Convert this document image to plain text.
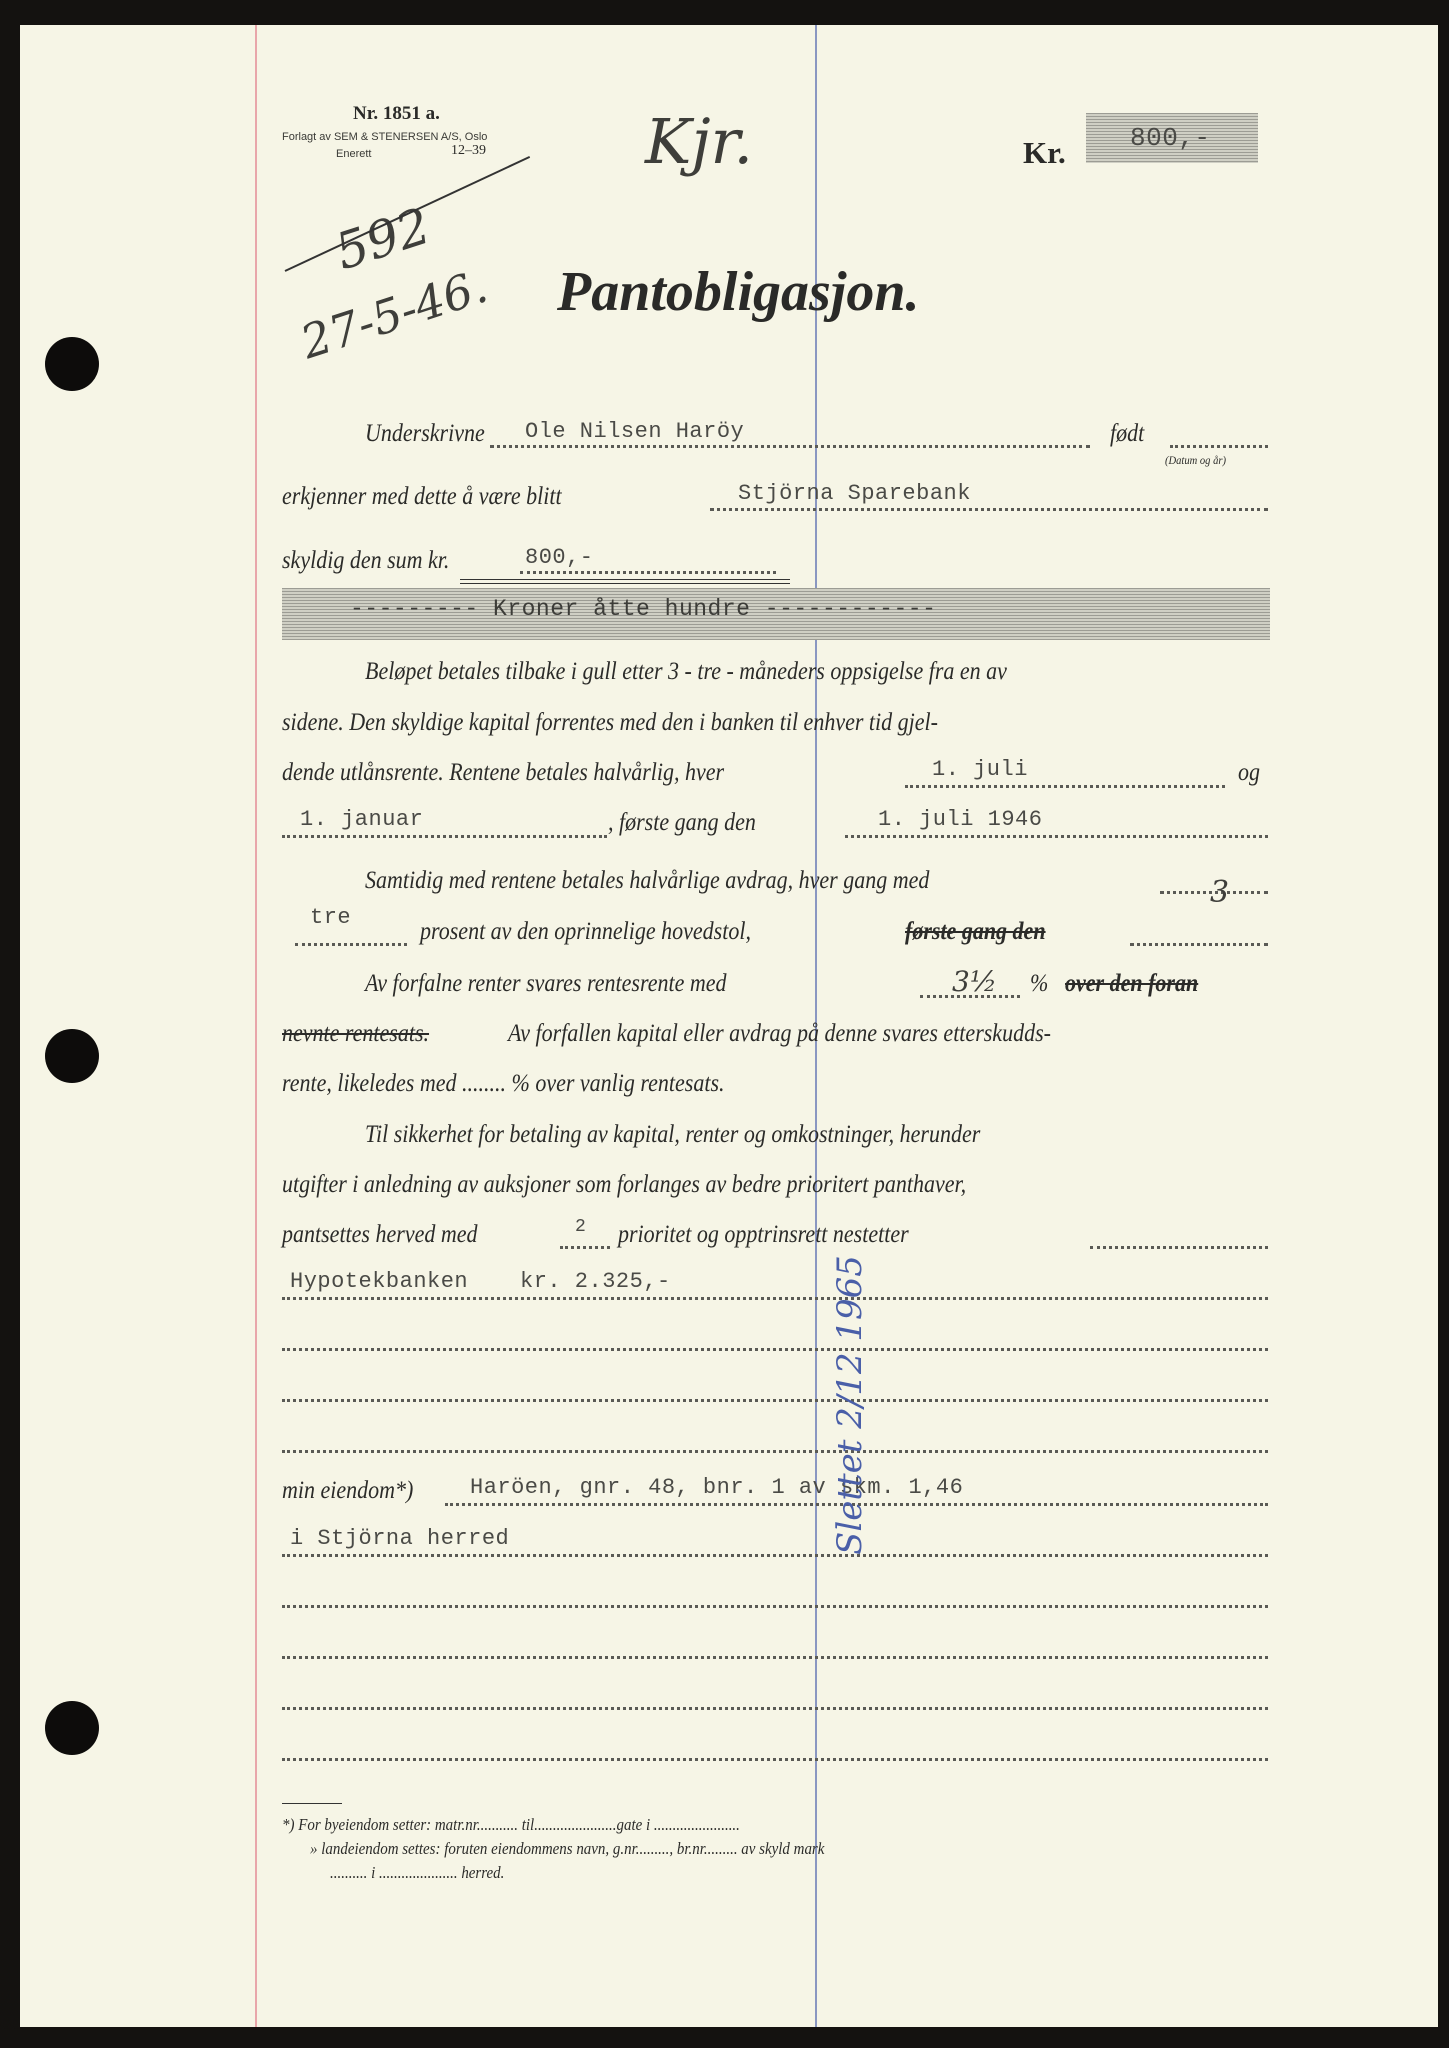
Nr. 1851 a.
Forlagt av SEM & STENERSEN A/S, Oslo
Enerett	12–39	Kjr.	Kr. 800,-
592
27-5-46. Pantobligasjon.
Underskrivne Ole Nilsen Haröy	født
(Datum og år)
erkjenner med dette å være blitt	Stjörna Sparebank
skyldig den sum kr.	800,-
--------- Kroner åtte hundre ------------
Beløpet betales tilbake i gull etter 3 - tre - måneders oppsigelse fra en av
sidene. Den skyldige kapital forrentes med den i banken til enhver tid gjel-
dende utlånsrente. Rentene betales halvårlig, hver	1. juli	og
1. januar	, første gang den	1. juli 1946
Samtidig med rentene betales halvårlige avdrag, hver gang med	3
tre
prosent av den oprinnelige hovedstol,	første gang den
Av forfalne renter svares rentesrente med	3½ % over den foran
nevnte rentesats.	Av forfallen kapital eller avdrag på denne svares etterskudds-
rente, likeledes med ........ % over vanlig rentesats.
Til sikkerhet for betaling av kapital, renter og omkostninger, herunder
utgifter i anledning av auksjoner som forlanges av bedre prioritert panthaver,
pantsettes herved med	2 prioritet og opptrinsrett nestetter
Hypotekbanken kr. 2.325,-
min eiendom*)	Haröen, gnr. 48, bnr. 1 av skm. 1,46
i Stjörna herred	Slettet 2/12 1965
*) For byeiendom setter: matr.nr........... til......................gate i .......................
» landeiendom settes: foruten eiendommens navn, g.nr........., br.nr......... av skyld mark
.......... i ..................... herred.
